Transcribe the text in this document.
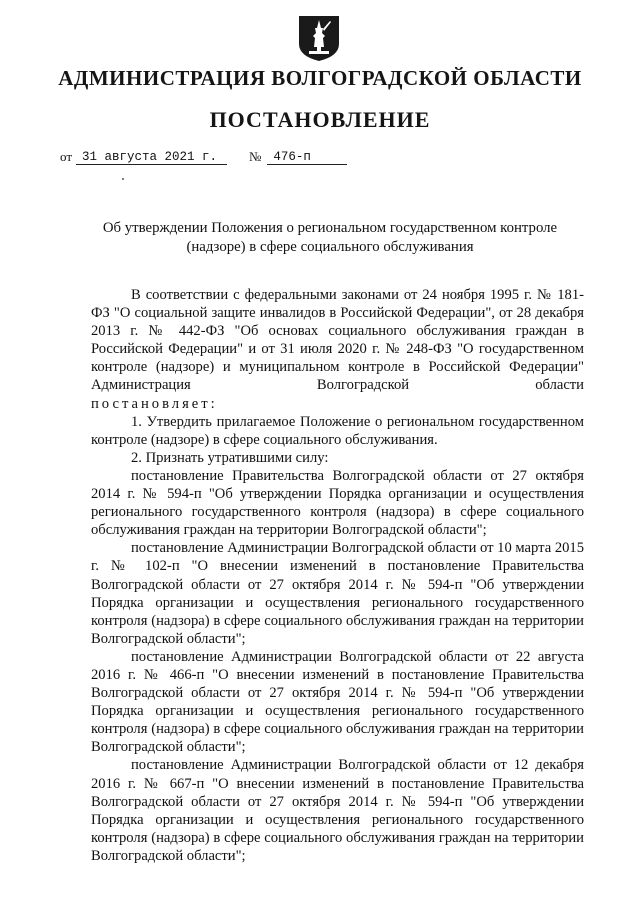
АДМИНИСТРАЦИЯ ВОЛГОГРАДСКОЙ ОБЛАСТИ
ПОСТАНОВЛЕНИЕ
от 31 августа 2021 г.	№ 476-п
Об утверждении Положения о региональном государственном контроле (надзоре) в сфере социального обслуживания

В соответствии с федеральными законами от 24 ноября 1995 г. № 181-ФЗ "О социальной защите инвалидов в Российской Федерации", от 28 декабря 2013 г. № 442-ФЗ "Об основах социального обслуживания граждан в Российской Федерации" и от 31 июля 2020 г. № 248-ФЗ "О государственном контроле (надзоре) и муниципальном контроле в Российской Федерации" Администрация Волгоградской области

постановляет:

1. Утвердить прилагаемое Положение о региональном государственном контроле (надзоре) в сфере социального обслуживания.

2. Признать утратившими силу:

постановление Правительства Волгоградской области от 27 октября 2014 г. № 594-п "Об утверждении Порядка организации и осуществления регионального государственного контроля (надзора) в сфере социального обслуживания граждан на территории Волгоградской области";

постановление Администрации Волгоградской области от 10 марта 2015 г. № 102-п "О внесении изменений в постановление Правительства Волгоградской области от 27 октября 2014 г. № 594-п "Об утверждении Порядка организации и осуществления регионального государственного контроля (надзора) в сфере социального обслуживания граждан на территории Волгоградской области";

постановление Администрации Волгоградской области от 22 августа 2016 г. № 466-п "О внесении изменений в постановление Правительства Волгоградской области от 27 октября 2014 г. № 594-п "Об утверждении Порядка организации и осуществления регионального государственного контроля (надзора) в сфере социального обслуживания граждан на территории Волгоградской области";

постановление Администрации Волгоградской области от 12 декабря 2016 г. № 667-п "О внесении изменений в постановление Правительства Волгоградской области от 27 октября 2014 г. № 594-п "Об утверждении Порядка организации и осуществления регионального государственного контроля (надзора) в сфере социального обслуживания граждан на территории Волгоградской области";
